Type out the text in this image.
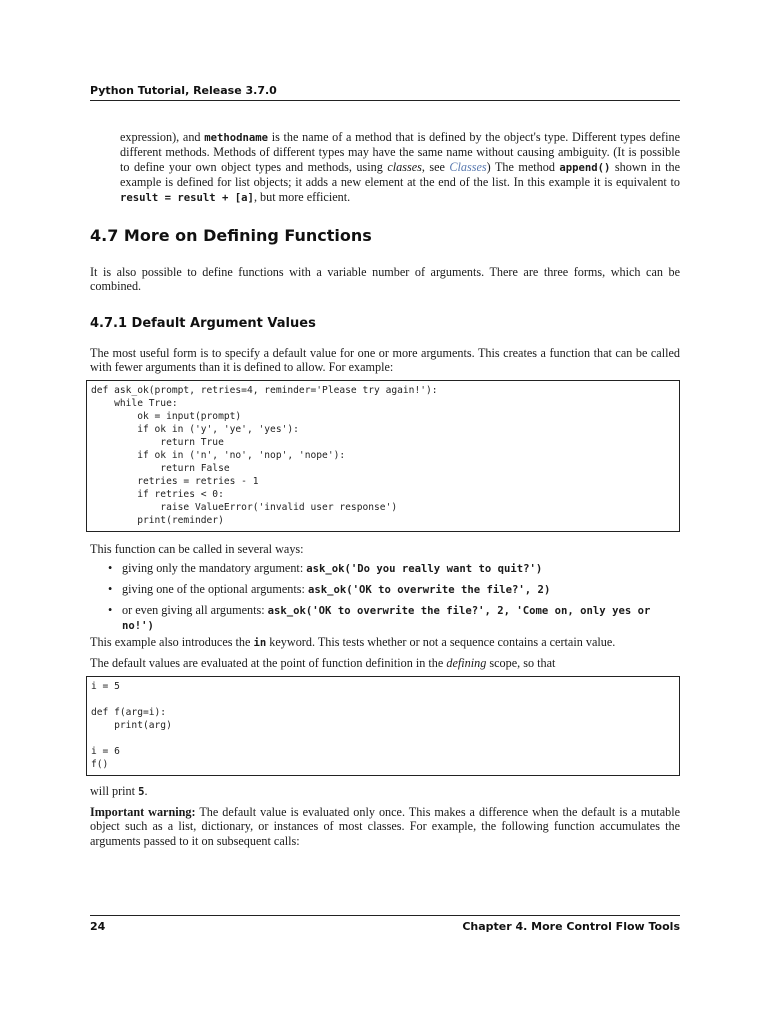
Python Tutorial, Release 3.7.0

expression), and methodname is the name of a method that is defined by the object's type. Different types define different methods. Methods of different types may have the same name without causing ambiguity. (It is possible to define your own object types and methods, using classes, see Classes) The method append() shown in the example is defined for list objects; it adds a new element at the end of the list. In this example it is equivalent to result = result + [a], but more efficient.

4.7 More on Defining Functions

It is also possible to define functions with a variable number of arguments. There are three forms, which can be combined.

4.7.1 Default Argument Values

The most useful form is to specify a default value for one or more arguments. This creates a function that can be called with fewer arguments than it is defined to allow. For example:

def ask_ok(prompt, retries=4, reminder='Please try again!'):
while True:
ok = input(prompt)
if ok in ('y', 'ye', 'yes'):
return True
if ok in ('n', 'no', 'nop', 'nope'):
return False
retries = retries - 1
if retries < 0:
raise ValueError('invalid user response')
print(reminder)

This function can be called in several ways:

• giving only the mandatory argument: ask_ok('Do you really want to quit?')
• giving one of the optional arguments: ask_ok('OK to overwrite the file?', 2)
• or even giving all arguments: ask_ok('OK to overwrite the file?', 2, 'Come on, only yes or no!')

This example also introduces the in keyword. This tests whether or not a sequence contains a certain value.

The default values are evaluated at the point of function definition in the defining scope, so that

i = 5
def f(arg=i):
print(arg)
i = 6
f()

will print 5.

Important warning: The default value is evaluated only once. This makes a difference when the default is a mutable object such as a list, dictionary, or instances of most classes. For example, the following function accumulates the arguments passed to it on subsequent calls:

24	Chapter 4. More Control Flow Tools
